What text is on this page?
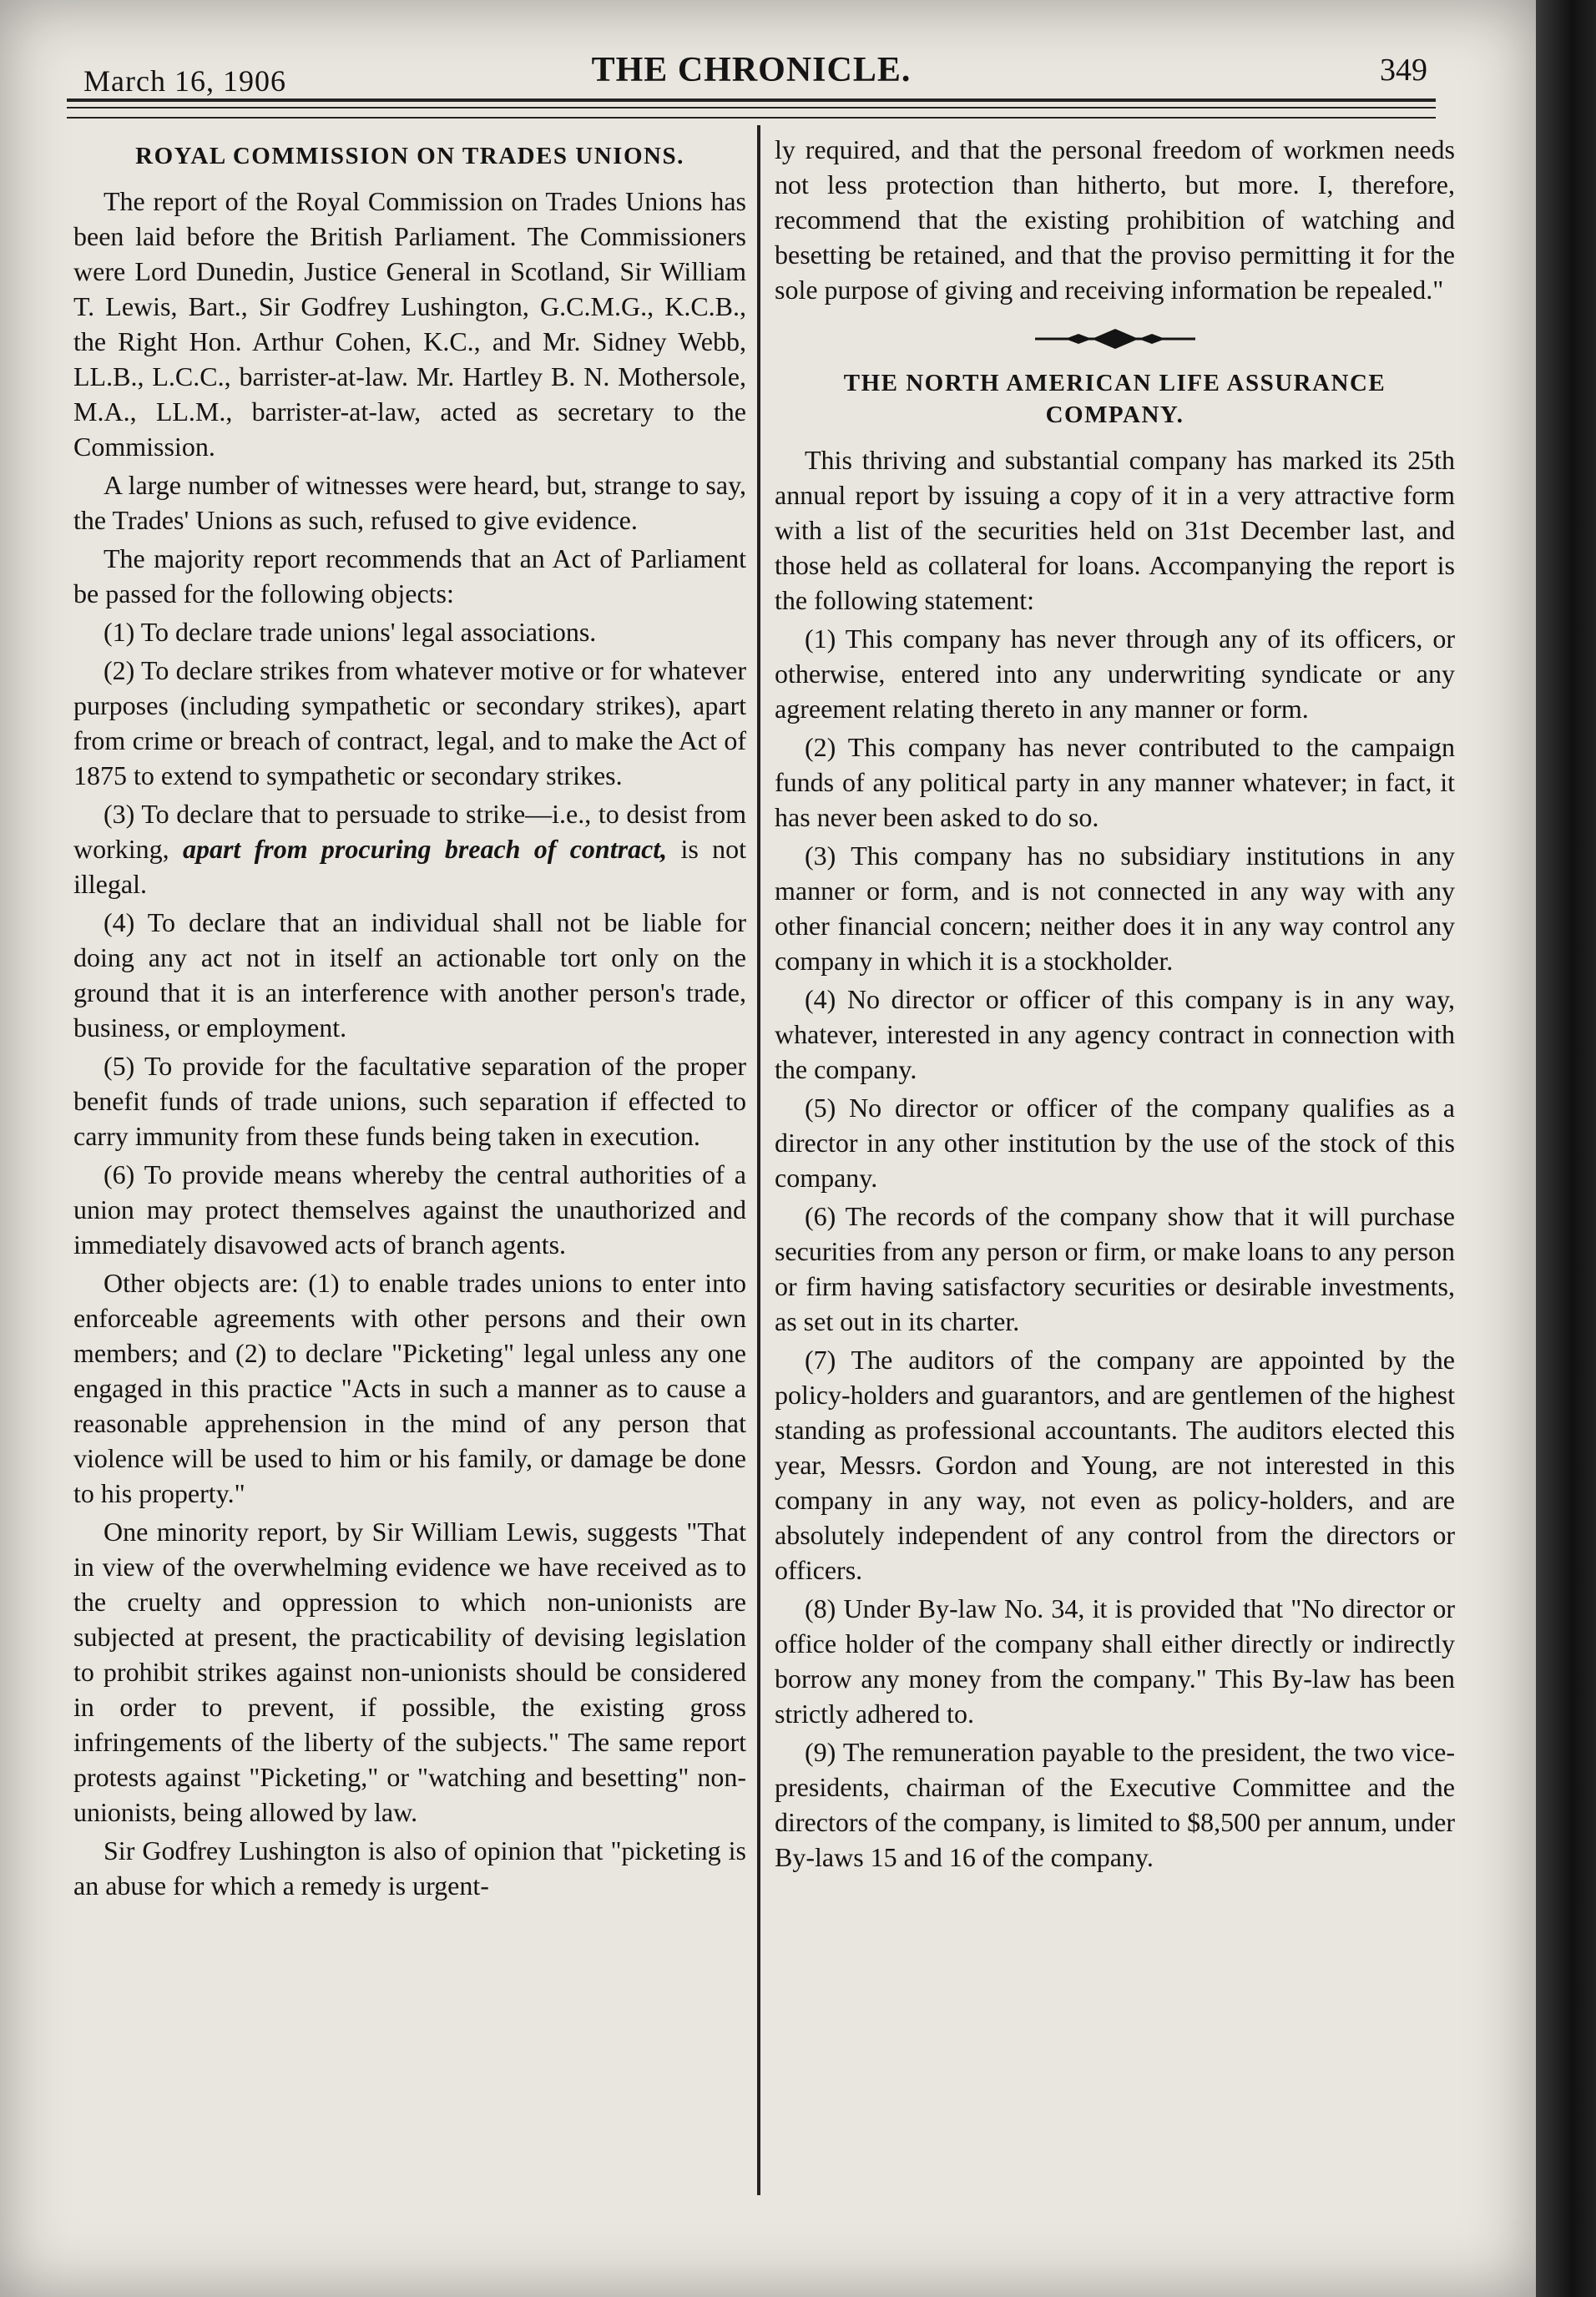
March 16, 1906	THE CHRONICLE.	349
ROYAL COMMISSION ON TRADES UNIONS.

The report of the Royal Commission on Trades Unions has been laid before the British Parliament. The Commissioners were Lord Dunedin, Justice General in Scotland, Sir William T. Lewis, Bart., Sir Godfrey Lushington, G.C.M.G., K.C.B., the Right Hon. Arthur Cohen, K.C., and Mr. Sidney Webb, LL.B., L.C.C., barrister-at-law. Mr. Hartley B. N. Mothersole, M.A., LL.M., barrister-at-law, acted as secretary to the Commission.

A large number of witnesses were heard, but, strange to say, the Trades' Unions as such, refused to give evidence.

The majority report recommends that an Act of Parliament be passed for the following objects:

(1) To declare trade unions' legal associations.

(2) To declare strikes from whatever motive or for whatever purposes (including sympathetic or secondary strikes), apart from crime or breach of contract, legal, and to make the Act of 1875 to extend to sympathetic or secondary strikes.

(3) To declare that to persuade to strike—i.e., to desist from working, apart from procuring breach of contract, is not illegal.

(4) To declare that an individual shall not be liable for doing any act not in itself an actionable tort only on the ground that it is an interference with another person's trade, business, or employment.

(5) To provide for the facultative separation of the proper benefit funds of trade unions, such separation if effected to carry immunity from these funds being taken in execution.

(6) To provide means whereby the central authorities of a union may protect themselves against the unauthorized and immediately disavowed acts of branch agents.

Other objects are: (1) to enable trades unions to enter into enforceable agreements with other persons and their own members; and (2) to declare "Picketing" legal unless any one engaged in this practice "Acts in such a manner as to cause a reasonable apprehension in the mind of any person that violence will be used to him or his family, or damage be done to his property."

One minority report, by Sir William Lewis, suggests "That in view of the overwhelming evidence we have received as to the cruelty and oppression to which non-unionists are subjected at present, the practicability of devising legislation to prohibit strikes against non-unionists should be considered in order to prevent, if possible, the existing gross infringements of the liberty of the subjects." The same report protests against "Picketing," or "watching and besetting" non-unionists, being allowed by law.

Sir Godfrey Lushington is also of opinion that "picketing is an abuse for which a remedy is urgent-

ly required, and that the personal freedom of workmen needs not less protection than hitherto, but more. I, therefore, recommend that the existing prohibition of watching and besetting be retained, and that the proviso permitting it for the sole purpose of giving and receiving information be repealed."

THE NORTH AMERICAN LIFE ASSURANCE COMPANY.

This thriving and substantial company has marked its 25th annual report by issuing a copy of it in a very attractive form with a list of the securities held on 31st December last, and those held as collateral for loans. Accompanying the report is the following statement:

(1) This company has never through any of its officers, or otherwise, entered into any underwriting syndicate or any agreement relating thereto in any manner or form.

(2) This company has never contributed to the campaign funds of any political party in any manner whatever; in fact, it has never been asked to do so.

(3) This company has no subsidiary institutions in any manner or form, and is not connected in any way with any other financial concern; neither does it in any way control any company in which it is a stockholder.

(4) No director or officer of this company is in any way, whatever, interested in any agency contract in connection with the company.

(5) No director or officer of the company qualifies as a director in any other institution by the use of the stock of this company.

(6) The records of the company show that it will purchase securities from any person or firm, or make loans to any person or firm having satisfactory securities or desirable investments, as set out in its charter.

(7) The auditors of the company are appointed by the policy-holders and guarantors, and are gentlemen of the highest standing as professional accountants. The auditors elected this year, Messrs. Gordon and Young, are not interested in this company in any way, not even as policy-holders, and are absolutely independent of any control from the directors or officers.

(8) Under By-law No. 34, it is provided that "No director or office holder of the company shall either directly or indirectly borrow any money from the company." This By-law has been strictly adhered to.

(9) The remuneration payable to the president, the two vice-presidents, chairman of the Executive Committee and the directors of the company, is limited to $8,500 per annum, under By-laws 15 and 16 of the company.
